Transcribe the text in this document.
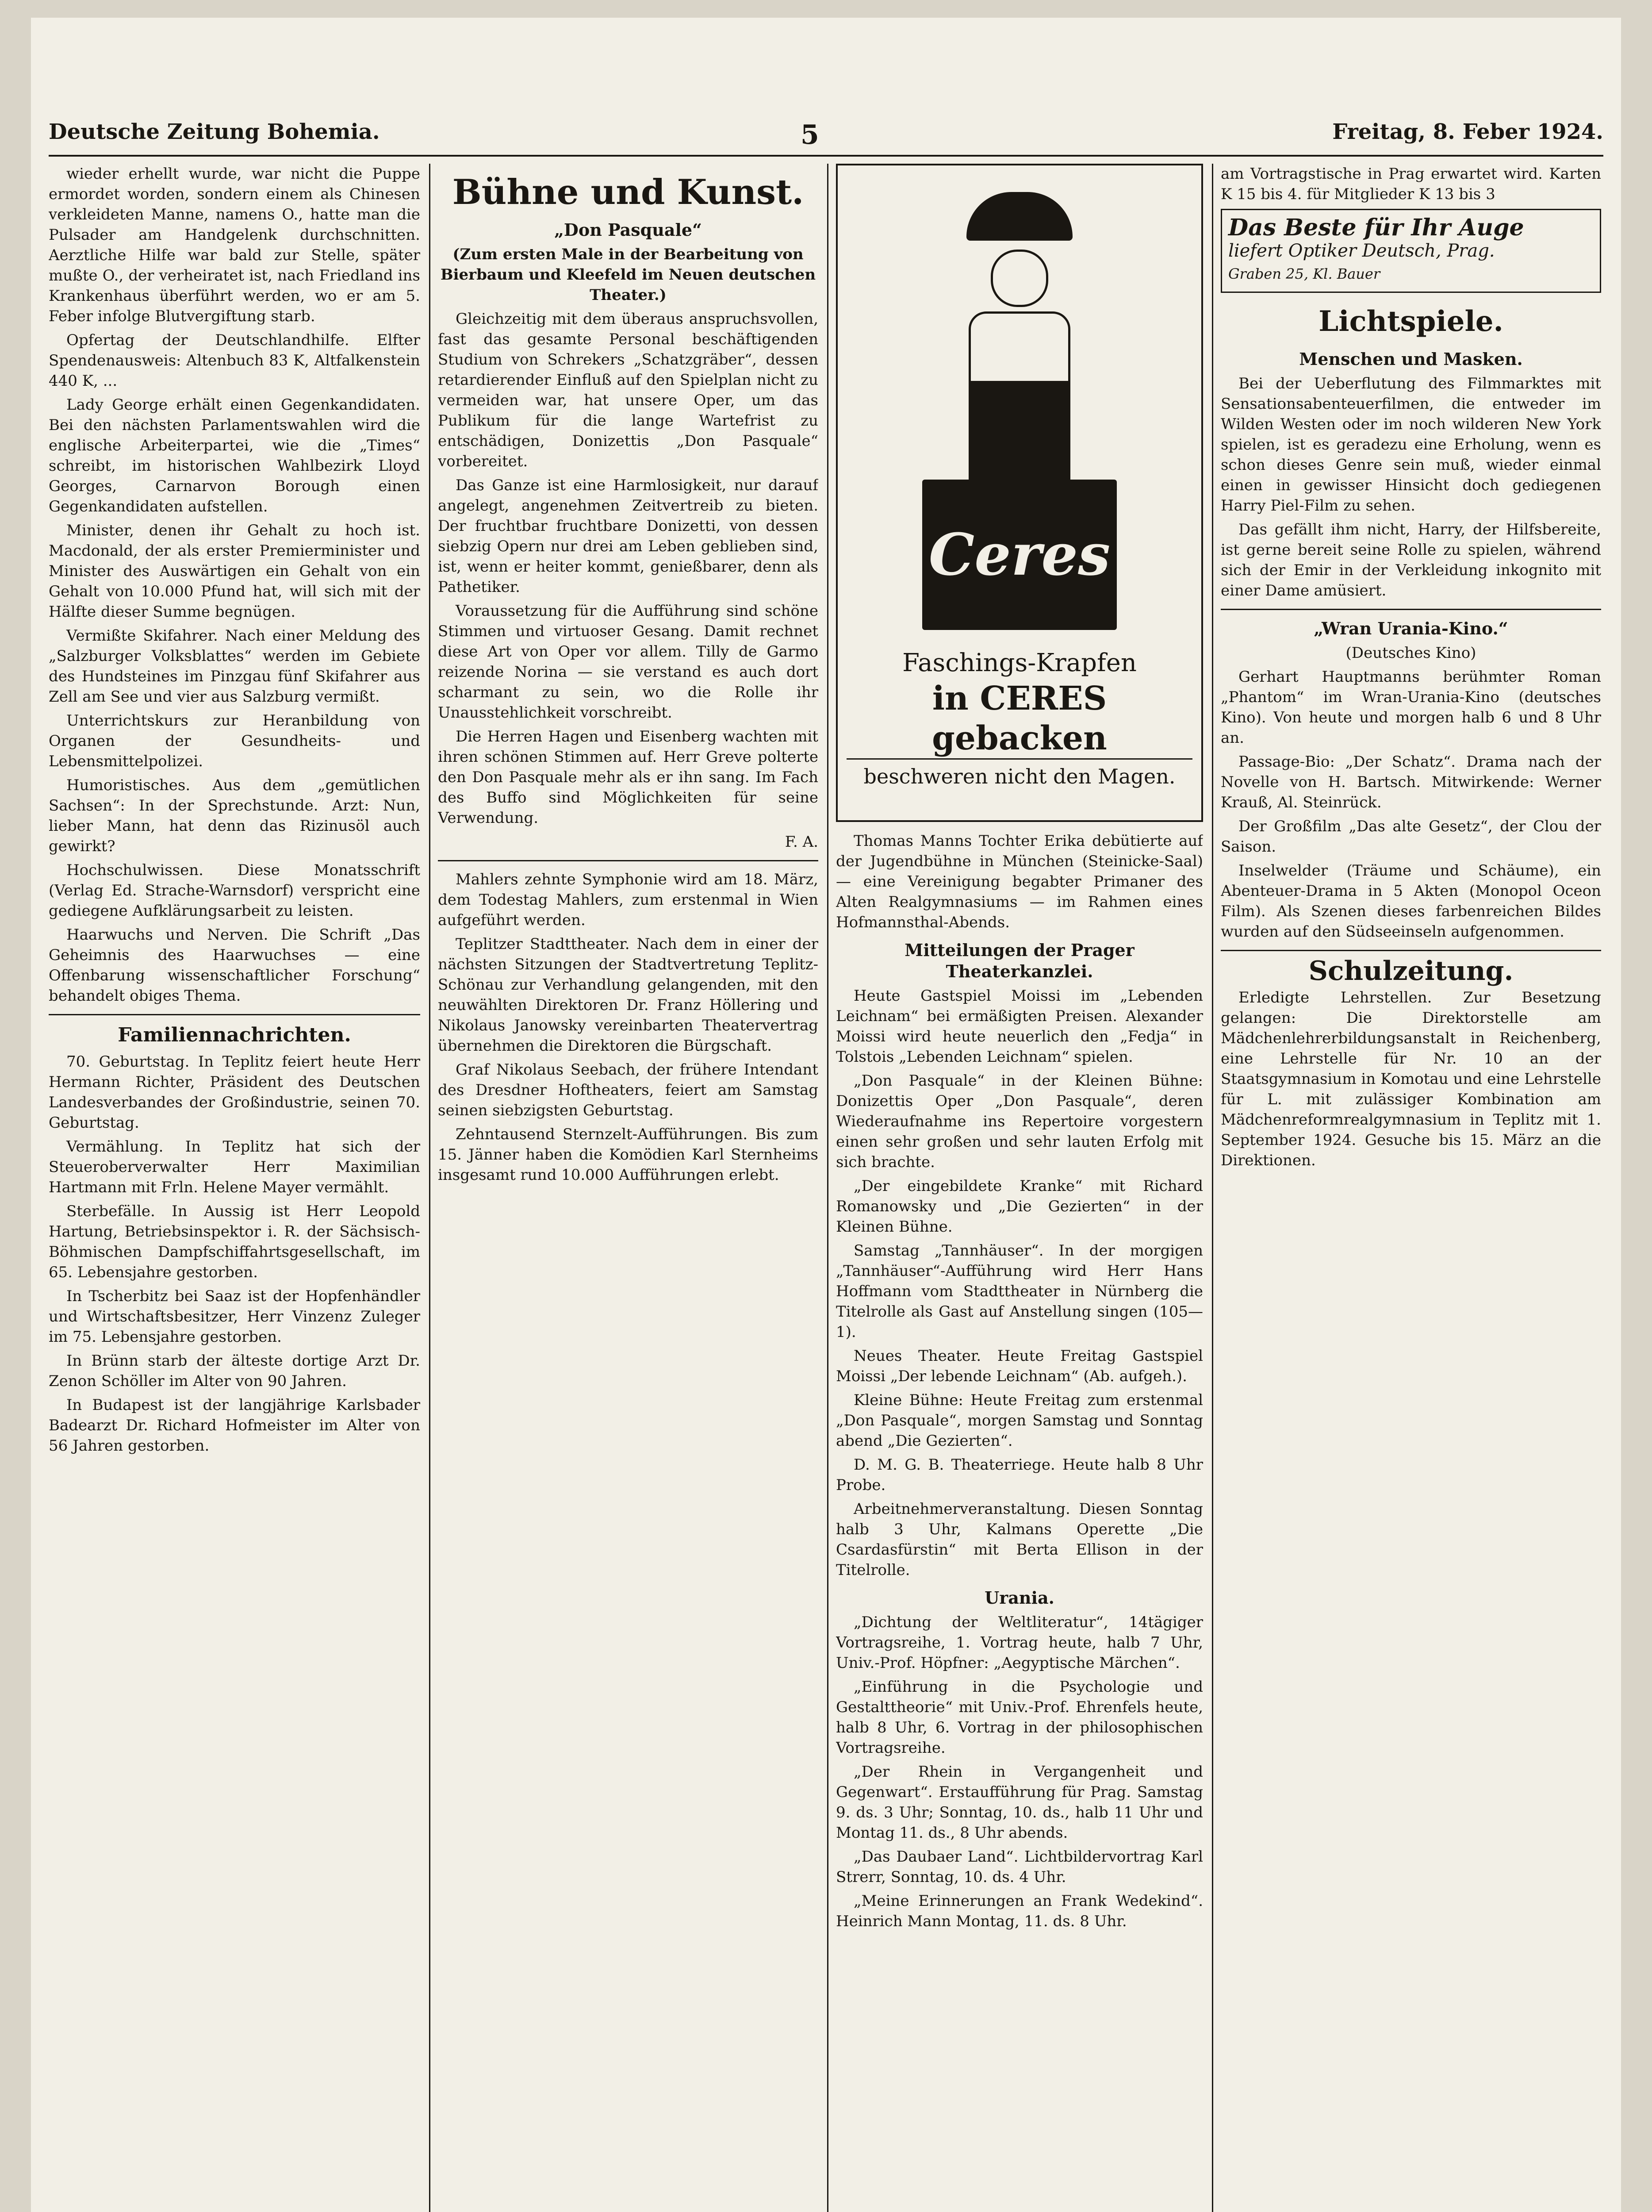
Deutsche Zeitung Bohemia.	5	Freitag, 8. Feber 1924.

wieder erhellt wurde, war nicht die Puppe ermordet worden, sondern einem als Chinesen verkleideten Manne, namens O., hatte man die Pulsader am Handgelenk durchschnitten. Aerztliche Hilfe war bald zur Stelle, später mußte O., der verheiratet ist, nach Friedland ins Krankenhaus überführt werden, wo er am 5. Feber infolge Blutvergiftung starb.

Opfertag der Deutschlandhilfe. Elfter Spendenausweis: Altenbuch 83 K, Altfalkenstein 440 K, ...

Lady George erhält einen Gegenkandidaten. Bei den nächsten Parlamentswahlen wird die englische Arbeiterpartei, wie die „Times“ schreibt, im historischen Wahlbezirk Lloyd Georges, Carnarvon Borough einen Gegenkandidaten aufstellen.

Minister, denen ihr Gehalt zu hoch ist. Macdonald, der als erster Premierminister und Minister des Auswärtigen ein Gehalt von ein Gehalt von 10.000 Pfund hat, will sich mit der Hälfte dieser Summe begnügen.

Vermißte Skifahrer. Nach einer Meldung des „Salzburger Volksblattes“ werden im Gebiete des Hundsteines im Pinzgau fünf Skifahrer aus Zell am See und vier aus Salzburg vermißt.

Unterrichtskurs zur Heranbildung von Organen der Gesundheits- und Lebensmittelpolizei.

Humoristisches. Aus dem „gemütlichen Sachsen“: In der Sprechstunde. Arzt: Nun, lieber Mann, hat denn das Rizinusöl auch gewirkt?

Hochschulwissen. Diese Monatsschrift (Verlag Ed. Strache-Warnsdorf) verspricht eine gediegene Aufklärungsarbeit zu leisten.

Haarwuchs und Nerven. Die Schrift „Das Geheimnis des Haarwuchses — eine Offenbarung wissenschaftlicher Forschung“ behandelt obiges Thema.

Familiennachrichten.

70. Geburtstag. In Teplitz feiert heute Herr Hermann Richter, Präsident des Deutschen Landesverbandes der Großindustrie, seinen 70. Geburtstag.

Vermählung. In Teplitz hat sich der Steueroberverwalter Herr Maximilian Hartmann mit Frln. Helene Mayer vermählt.

Sterbefälle. In Aussig ist Herr Leopold Hartung, Betriebsinspektor i. R. der Sächsisch-Böhmischen Dampfschiffahrtsgesellschaft, im 65. Lebensjahre gestorben.

In Tscherbitz bei Saaz ist der Hopfenhändler und Wirtschaftsbesitzer, Herr Vinzenz Zuleger im 75. Lebensjahre gestorben.

In Brünn starb der älteste dortige Arzt Dr. Zenon Schöller im Alter von 90 Jahren.

In Budapest ist der langjährige Karlsbader Badearzt Dr. Richard Hofmeister im Alter von 56 Jahren gestorben.

Bühne und Kunst.
„Don Pasquale“

(Zum ersten Male in der Bearbeitung von Bierbaum und Kleefeld im Neuen deutschen Theater.)

Gleichzeitig mit dem überaus anspruchsvollen, fast das gesamte Personal beschäftigenden Studium von Schrekers „Schatzgräber“, dessen retardierender Einfluß auf den Spielplan nicht zu vermeiden war, hat unsere Oper, um das Publikum für die lange Wartefrist zu entschädigen, Donizettis „Don Pasquale“ vorbereitet.

Das Ganze ist eine Harmlosigkeit, nur darauf angelegt, angenehmen Zeitvertreib zu bieten. Der fruchtbar fruchtbare Donizetti, von dessen siebzig Opern nur drei am Leben geblieben sind, ist, wenn er heiter kommt, genießbarer, denn als Pathetiker.

Voraussetzung für die Aufführung sind schöne Stimmen und virtuoser Gesang. Damit rechnet diese Art von Oper vor allem. Tilly de Garmo reizende Norina — sie verstand es auch dort scharmant zu sein, wo die Rolle ihr Unausstehlichkeit vorschreibt.

Die Herren Hagen und Eisenberg wachten mit ihren schönen Stimmen auf. Herr Greve polterte den Don Pasquale mehr als er ihn sang. Im Fach des Buffo sind Möglichkeiten für seine Verwendung.

F. A.

Mahlers zehnte Symphonie wird am 18. März, dem Todestag Mahlers, zum erstenmal in Wien aufgeführt werden.

Teplitzer Stadttheater. Nach dem in einer der nächsten Sitzungen der Stadtvertretung Teplitz-Schönau zur Verhandlung gelangenden, mit den neuwählten Direktoren Dr. Franz Höllering und Nikolaus Janowsky vereinbarten Theatervertrag übernehmen die Direktoren die Bürgschaft.

Graf Nikolaus Seebach, der frühere Intendant des Dresdner Hoftheaters, feiert am Samstag seinen siebzigsten Geburtstag.

Zehntausend Sternzelt-Aufführungen. Bis zum 15. Jänner haben die Komödien Karl Sternheims insgesamt rund 10.000 Aufführungen erlebt.

Ceres
Faschings-Krapfen
in CERES gebacken
beschweren nicht den Magen.

Thomas Manns Tochter Erika debütierte auf der Jugendbühne in München (Steinicke-Saal) — eine Vereinigung begabter Primaner des Alten Realgymnasiums — im Rahmen eines Hofmannsthal-Abends.

Mitteilungen der Prager Theaterkanzlei.

Heute Gastspiel Moissi im „Lebenden Leichnam“ bei ermäßigten Preisen. Alexander Moissi wird heute neuerlich den „Fedja“ in Tolstois „Lebenden Leichnam“ spielen.

„Don Pasquale“ in der Kleinen Bühne: Donizettis Oper „Don Pasquale“, deren Wiederaufnahme ins Repertoire vorgestern einen sehr großen und sehr lauten Erfolg mit sich brachte.

„Der eingebildete Kranke“ mit Richard Romanowsky und „Die Gezierten“ in der Kleinen Bühne.

Samstag „Tannhäuser“. In der morgigen „Tannhäuser“-Aufführung wird Herr Hans Hoffmann vom Stadttheater in Nürnberg die Titelrolle als Gast auf Anstellung singen (105—1).

Neues Theater. Heute Freitag Gastspiel Moissi „Der lebende Leichnam“ (Ab. aufgeh.).

Kleine Bühne: Heute Freitag zum erstenmal „Don Pasquale“, morgen Samstag und Sonntag abend „Die Gezierten“.

D. M. G. B. Theaterriege. Heute halb 8 Uhr Probe.

Arbeitnehmerveranstaltung. Diesen Sonntag halb 3 Uhr, Kalmans Operette „Die Csardasfürstin“ mit Berta Ellison in der Titelrolle.

Urania.

„Dichtung der Weltliteratur“, 14tägiger Vortragsreihe, 1. Vortrag heute, halb 7 Uhr, Univ.-Prof. Höpfner: „Aegyptische Märchen“.

„Einführung in die Psychologie und Gestalttheorie“ mit Univ.-Prof. Ehrenfels heute, halb 8 Uhr, 6. Vortrag in der philosophischen Vortragsreihe.

„Der Rhein in Vergangenheit und Gegenwart“. Erstaufführung für Prag. Samstag 9. ds. 3 Uhr; Sonntag, 10. ds., halb 11 Uhr und Montag 11. ds., 8 Uhr abends.

„Das Daubaer Land“. Lichtbildervortrag Karl Strerr, Sonntag, 10. ds. 4 Uhr.

„Meine Erinnerungen an Frank Wedekind“. Heinrich Mann Montag, 11. ds. 8 Uhr.

am Vortragstische in Prag erwartet wird. Karten K 15 bis 4. für Mitglieder K 13 bis 3

Das Beste für Ihr Auge
liefert Optiker Deutsch, Prag.
Graben 25, Kl. Bauer
Lichtspiele.
Menschen und Masken.

Bei der Ueberflutung des Filmmarktes mit Sensationsabenteuerfilmen, die entweder im Wilden Westen oder im noch wilderen New York spielen, ist es geradezu eine Erholung, wenn es schon dieses Genre sein muß, wieder einmal einen in gewisser Hinsicht doch gediegenen Harry Piel-Film zu sehen.

Das gefällt ihm nicht, Harry, der Hilfsbereite, ist gerne bereit seine Rolle zu spielen, während sich der Emir in der Verkleidung inkognito mit einer Dame amüsiert.

„Wran Urania-Kino.“

(Deutsches Kino)

Gerhart Hauptmanns berühmter Roman „Phantom“ im Wran-Urania-Kino (deutsches Kino). Von heute und morgen halb 6 und 8 Uhr an.

Passage-Bio: „Der Schatz“. Drama nach der Novelle von H. Bartsch. Mitwirkende: Werner Krauß, Al. Steinrück.

Der Großfilm „Das alte Gesetz“, der Clou der Saison.

Inselwelder (Träume und Schäume), ein Abenteuer-Drama in 5 Akten (Monopol Oceon Film). Als Szenen dieses farbenreichen Bildes wurden auf den Südseeinseln aufgenommen.

Schulzeitung.

Erledigte Lehrstellen. Zur Besetzung gelangen: Die Direktorstelle am Mädchenlehrerbildungsanstalt in Reichenberg, eine Lehrstelle für Nr. 10 an der Staatsgymnasium in Komotau und eine Lehrstelle für L. mit zulässiger Kombination am Mädchenreformrealgymnasium in Teplitz mit 1. September 1924. Gesuche bis 15. März an die Direktionen.
